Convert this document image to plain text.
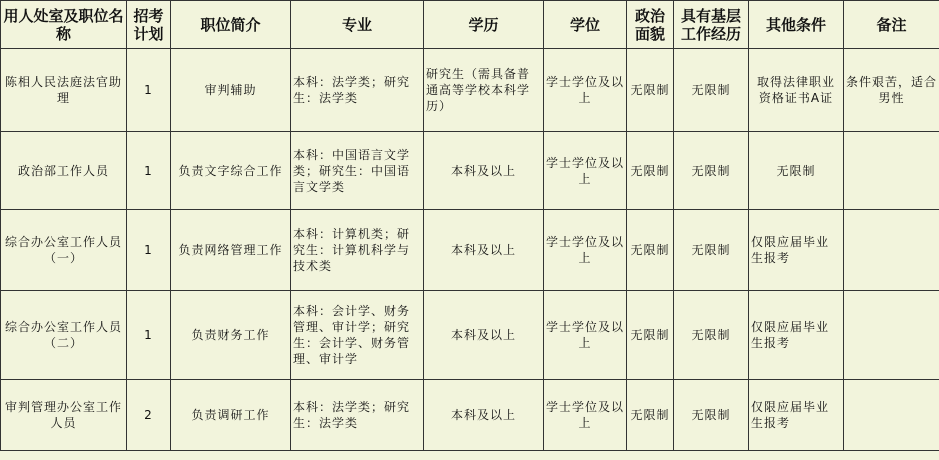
用人处室及职位名称	招考计划	职位简介	专业	学历	学位	政治面貌	具有基层工作经历	其他条件	备注
陈相人民法庭法官助理	1	审判辅助	本科：法学类；研究生：法学类	研究生（需具备普通高等学校本科学历）	学士学位及以上	无限制	无限制	取得法律职业资格证书A证	条件艰苦，适合男性
政治部工作人员	1	负责文字综合工作	本科：中国语言文学类；研究生：中国语言文学类	本科及以上	学士学位及以上	无限制	无限制	无限制	
综合办公室工作人员（一）	1	负责网络管理工作	本科：计算机类；研究生：计算机科学与技术类	本科及以上	学士学位及以上	无限制	无限制	仅限应届毕业生报考	
综合办公室工作人员（二）	1	负责财务工作	本科：会计学、财务管理、审计学；研究生：会计学、财务管理、审计学	本科及以上	学士学位及以上	无限制	无限制	仅限应届毕业生报考	
审判管理办公室工作人员	2	负责调研工作	本科：法学类；研究生：法学类	本科及以上	学士学位及以上	无限制	无限制	仅限应届毕业生报考	
